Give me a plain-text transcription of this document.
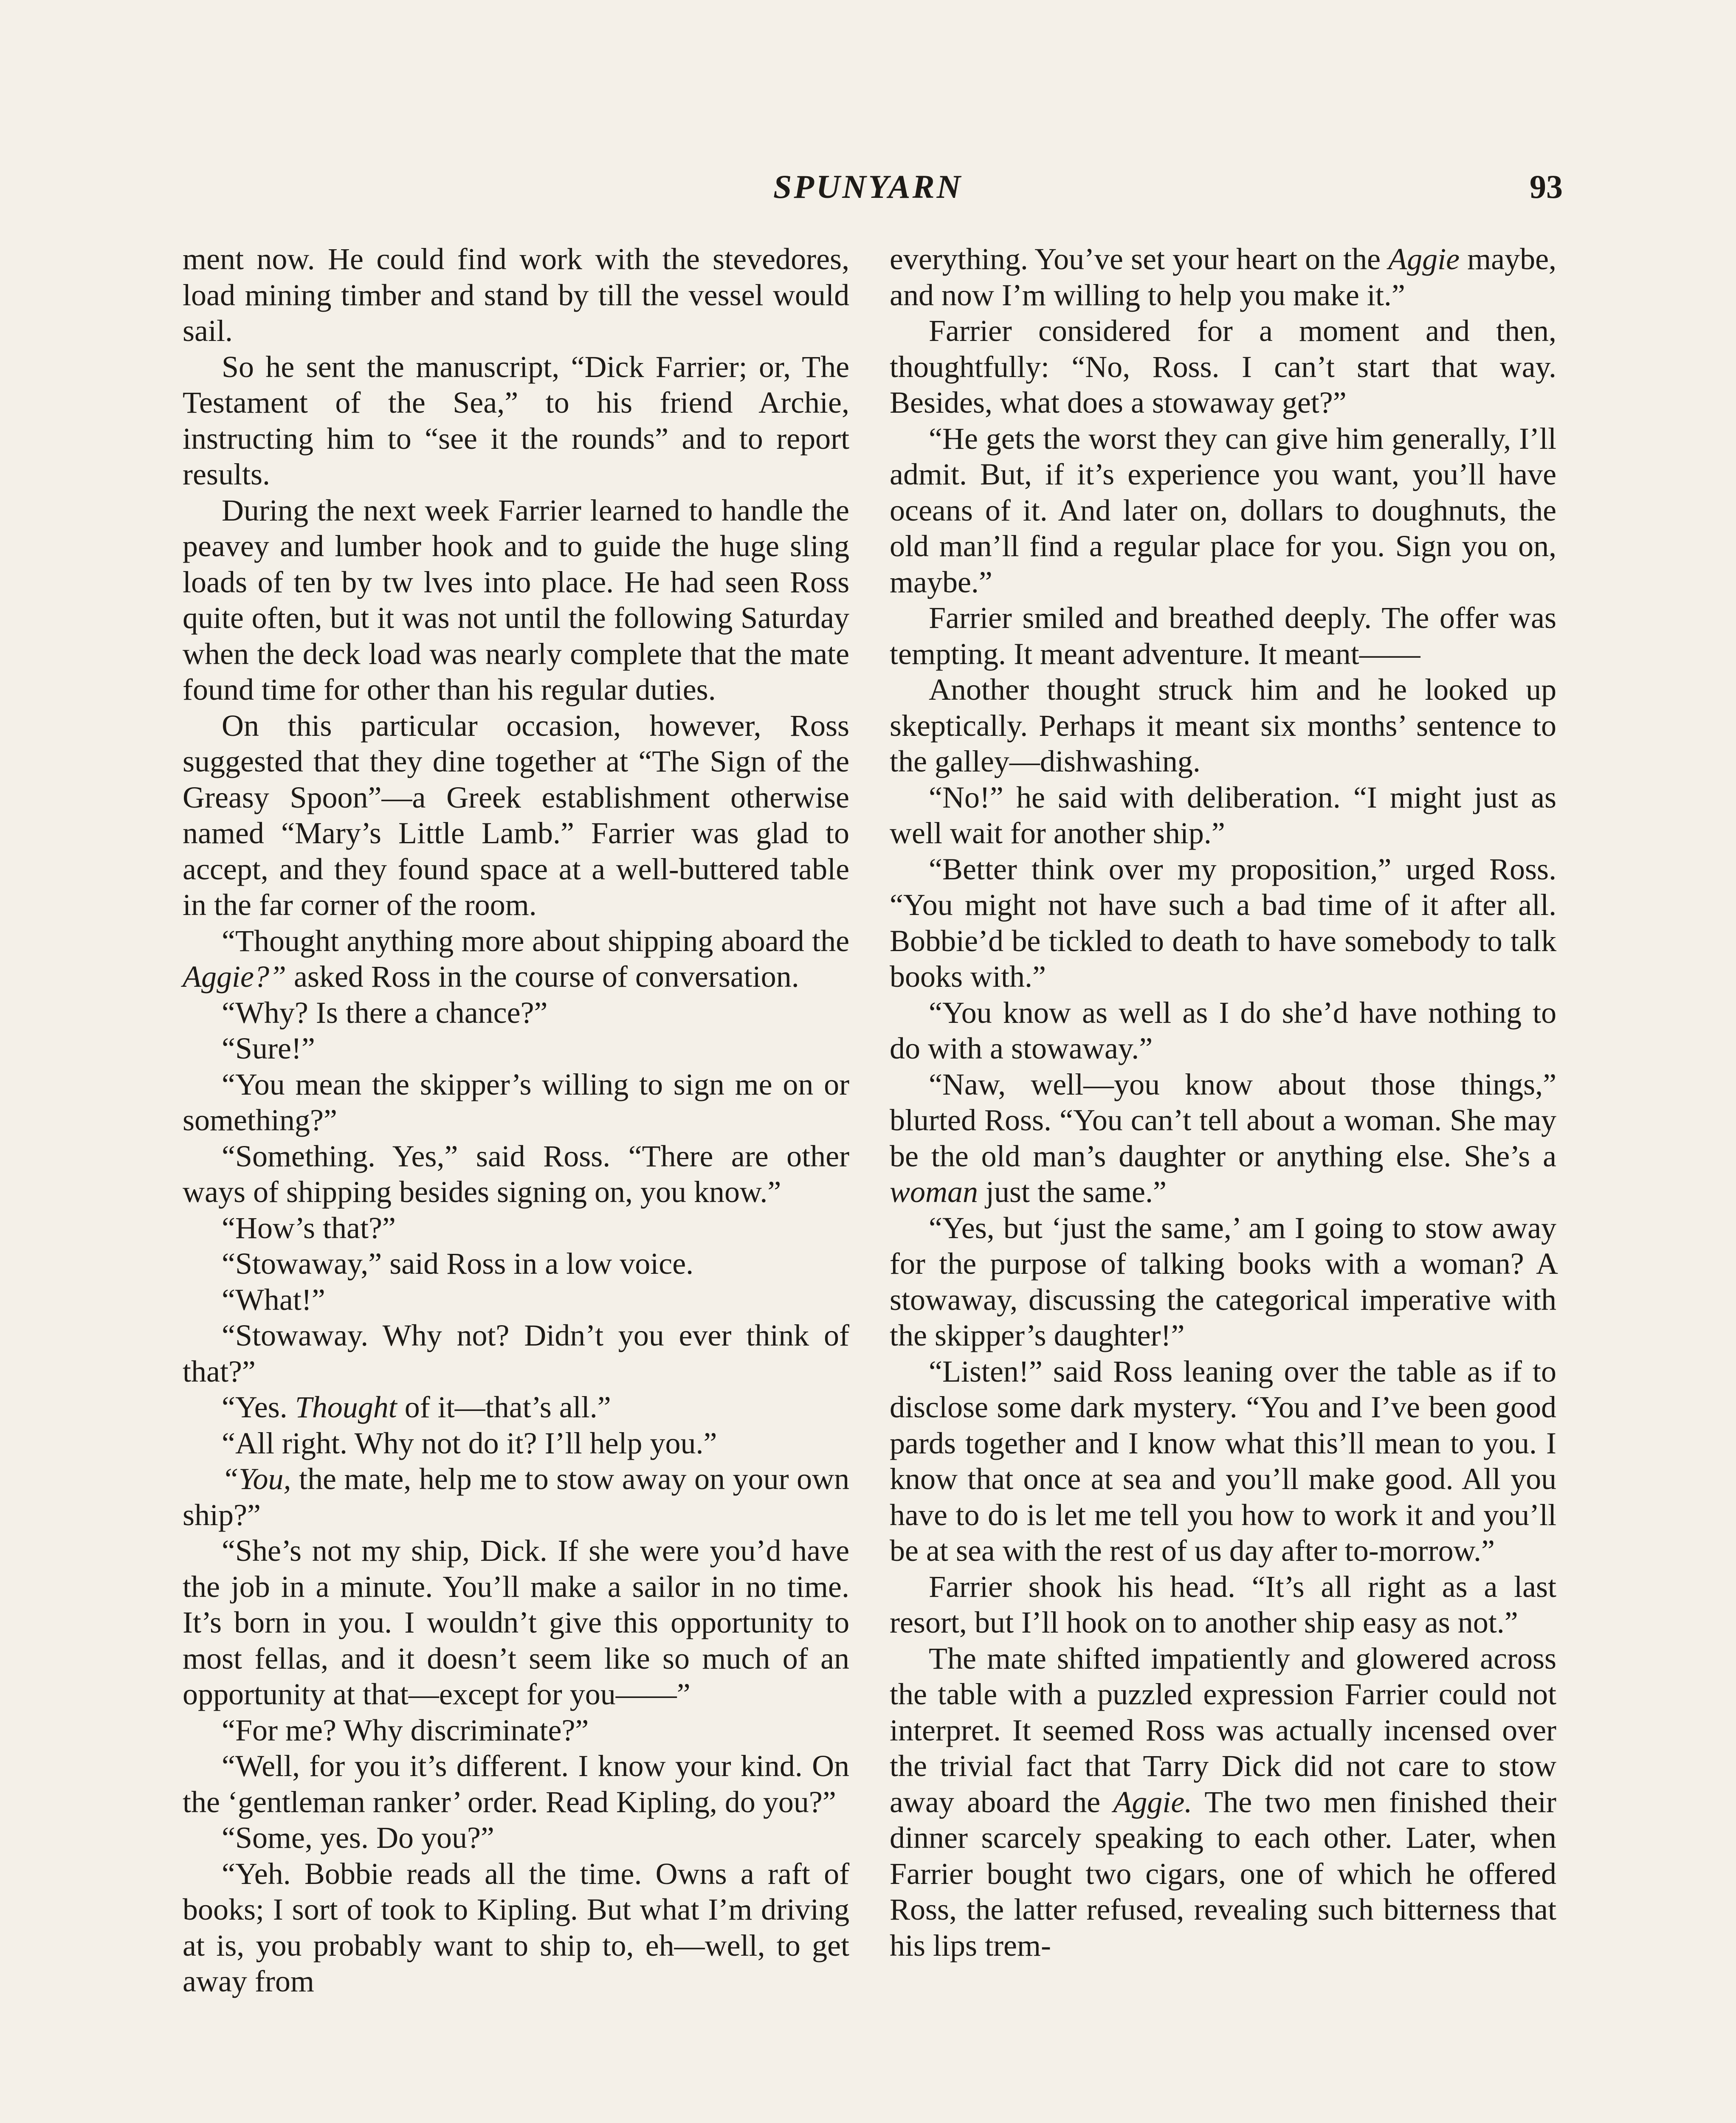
SPUNYARN	93

ment now. He could find work with the stevedores, load mining timber and stand by till the vessel would sail.

So he sent the manuscript, “Dick Farrier; or, The Testament of the Sea,” to his friend Archie, instructing him to “see it the rounds” and to report results.

During the next week Farrier learned to handle the peavey and lumber hook and to guide the huge sling loads of ten by tw lves into place. He had seen Ross quite often, but it was not until the following Saturday when the deck load was nearly complete that the mate found time for other than his regular duties.

On this particular occasion, however, Ross suggested that they dine together at “The Sign of the Greasy Spoon”—a Greek establishment otherwise named “Mary’s Little Lamb.” Farrier was glad to accept, and they found space at a well-buttered table in the far corner of the room.

“Thought anything more about shipping aboard the Aggie?” asked Ross in the course of conversation.

“Why? Is there a chance?”

“Sure!”

“You mean the skipper’s willing to sign me on or something?”

“Something. Yes,” said Ross. “There are other ways of shipping besides signing on, you know.”

“How’s that?”

“Stowaway,” said Ross in a low voice.

“What!”

“Stowaway. Why not? Didn’t you ever think of that?”

“Yes. Thought of it—that’s all.”

“All right. Why not do it? I’ll help you.”

“You, the mate, help me to stow away on your own ship?”

“She’s not my ship, Dick. If she were you’d have the job in a minute. You’ll make a sailor in no time. It’s born in you. I wouldn’t give this opportunity to most fellas, and it doesn’t seem like so much of an opportunity at that—except for you——”

“For me? Why discriminate?”

“Well, for you it’s different. I know your kind. On the ‘gentleman ranker’ order. Read Kipling, do you?”

“Some, yes. Do you?”

“Yeh. Bobbie reads all the time. Owns a raft of books; I sort of took to Kipling. But what I’m driving at is, you probably want to ship to, eh—well, to get away from

everything. You’ve set your heart on the Aggie maybe, and now I’m willing to help you make it.”

Farrier considered for a moment and then, thoughtfully: “No, Ross. I can’t start that way. Besides, what does a stowaway get?”

“He gets the worst they can give him generally, I’ll admit. But, if it’s experience you want, you’ll have oceans of it. And later on, dollars to doughnuts, the old man’ll find a regular place for you. Sign you on, maybe.”

Farrier smiled and breathed deeply. The offer was tempting. It meant adventure. It meant——

Another thought struck him and he looked up skeptically. Perhaps it meant six months’ sentence to the galley—dishwashing.

“No!” he said with deliberation. “I might just as well wait for another ship.”

“Better think over my proposition,” urged Ross. “You might not have such a bad time of it after all. Bobbie’d be tickled to death to have somebody to talk books with.”

“You know as well as I do she’d have nothing to do with a stowaway.”

“Naw, well—you know about those things,” blurted Ross. “You can’t tell about a woman. She may be the old man’s daughter or anything else. She’s a woman just the same.”

“Yes, but ‘just the same,’ am I going to stow away for the purpose of talking books with a woman? A stowaway, discussing the categorical imperative with the skipper’s daughter!”

“Listen!” said Ross leaning over the table as if to disclose some dark mystery. “You and I’ve been good pards together and I know what this’ll mean to you. I know that once at sea and you’ll make good. All you have to do is let me tell you how to work it and you’ll be at sea with the rest of us day after to-morrow.”

Farrier shook his head. “It’s all right as a last resort, but I’ll hook on to another ship easy as not.”

The mate shifted impatiently and glowered across the table with a puzzled expression Farrier could not interpret. It seemed Ross was actually incensed over the trivial fact that Tarry Dick did not care to stow away aboard the Aggie. The two men finished their dinner scarcely speaking to each other. Later, when Farrier bought two cigars, one of which he offered Ross, the latter refused, revealing such bitterness that his lips trem-
